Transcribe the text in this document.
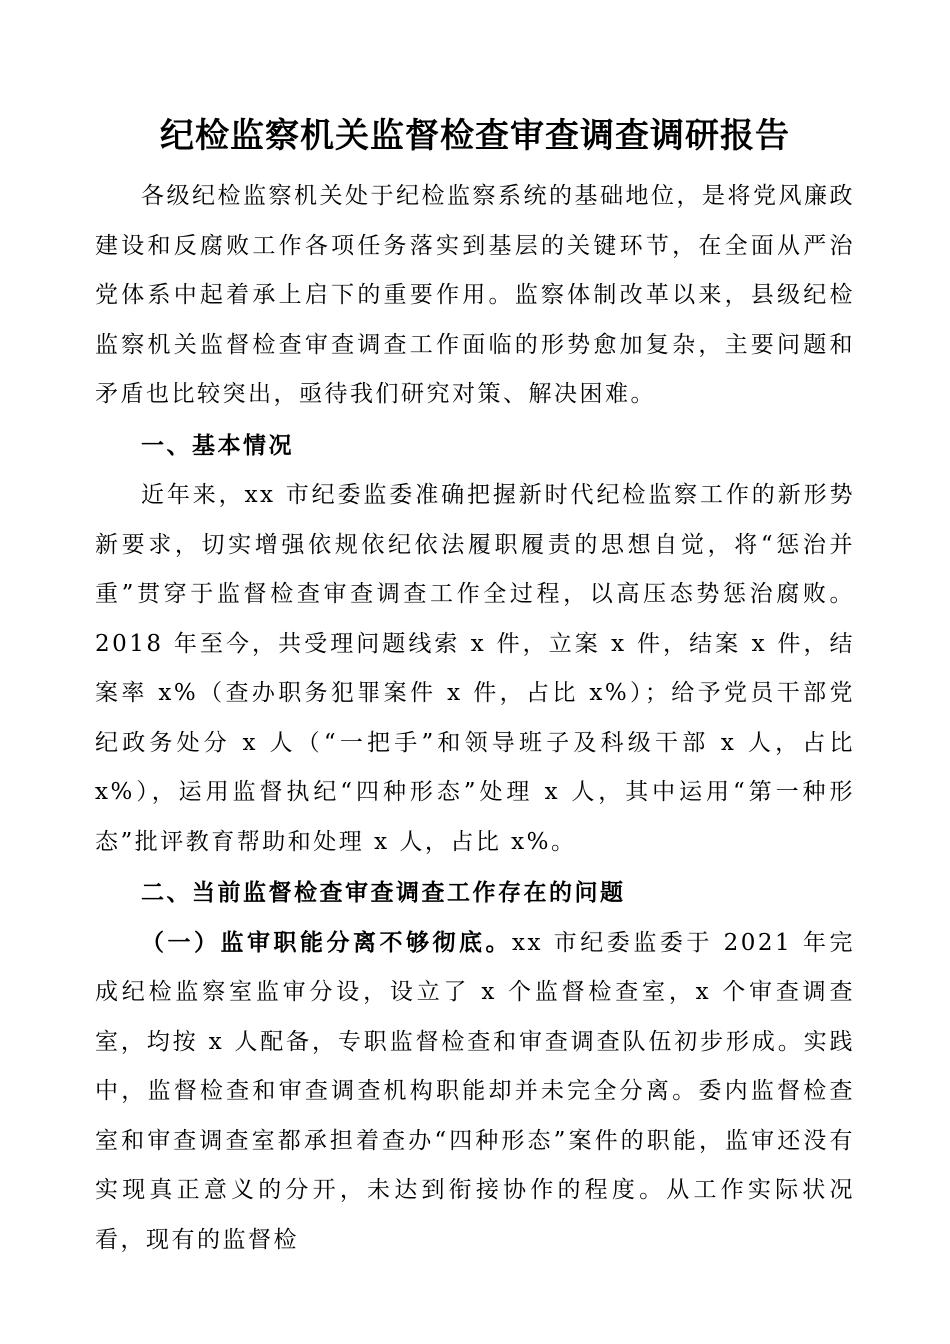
纪检监察机关监督检查审查调查调研报告

各级纪检监察机关处于纪检监察系统的基础地位，是将党风廉政建设和反腐败工作各项任务落实到基层的关键环节，在全面从严治党体系中起着承上启下的重要作用。监察体制改革以来，县级纪检监察机关监督检查审查调查工作面临的形势愈加复杂，主要问题和矛盾也比较突出，亟待我们研究对策、解决困难。

一、基本情况

近年来，xx 市纪委监委准确把握新时代纪检监察工作的新形势新要求，切实增强依规依纪依法履职履责的思想自觉，将“惩治并重”贯穿于监督检查审查调查工作全过程，以高压态势惩治腐败。2018 年至今，共受理问题线索 x 件，立案 x 件，结案 x 件，结案率 x%（查办职务犯罪案件 x 件，占比 x%）；给予党员干部党纪政务处分 x 人（“一把手”和领导班子及科级干部 x 人，占比 x%），运用监督执纪“四种形态”处理 x 人，其中运用“第一种形态”批评教育帮助和处理 x 人，占比 x%。

二、当前监督检查审查调查工作存在的问题

（一）监审职能分离不够彻底。xx 市纪委监委于 2021 年完成纪检监察室监审分设，设立了 x 个监督检查室，x 个审查调查室，均按 x 人配备，专职监督检查和审查调查队伍初步形成。实践中，监督检查和审查调查机构职能却并未完全分离。委内监督检查室和审查调查室都承担着查办“四种形态”案件的职能，监审还没有实现真正意义的分开，未达到衔接协作的程度。从工作实际状况看，现有的监督检
